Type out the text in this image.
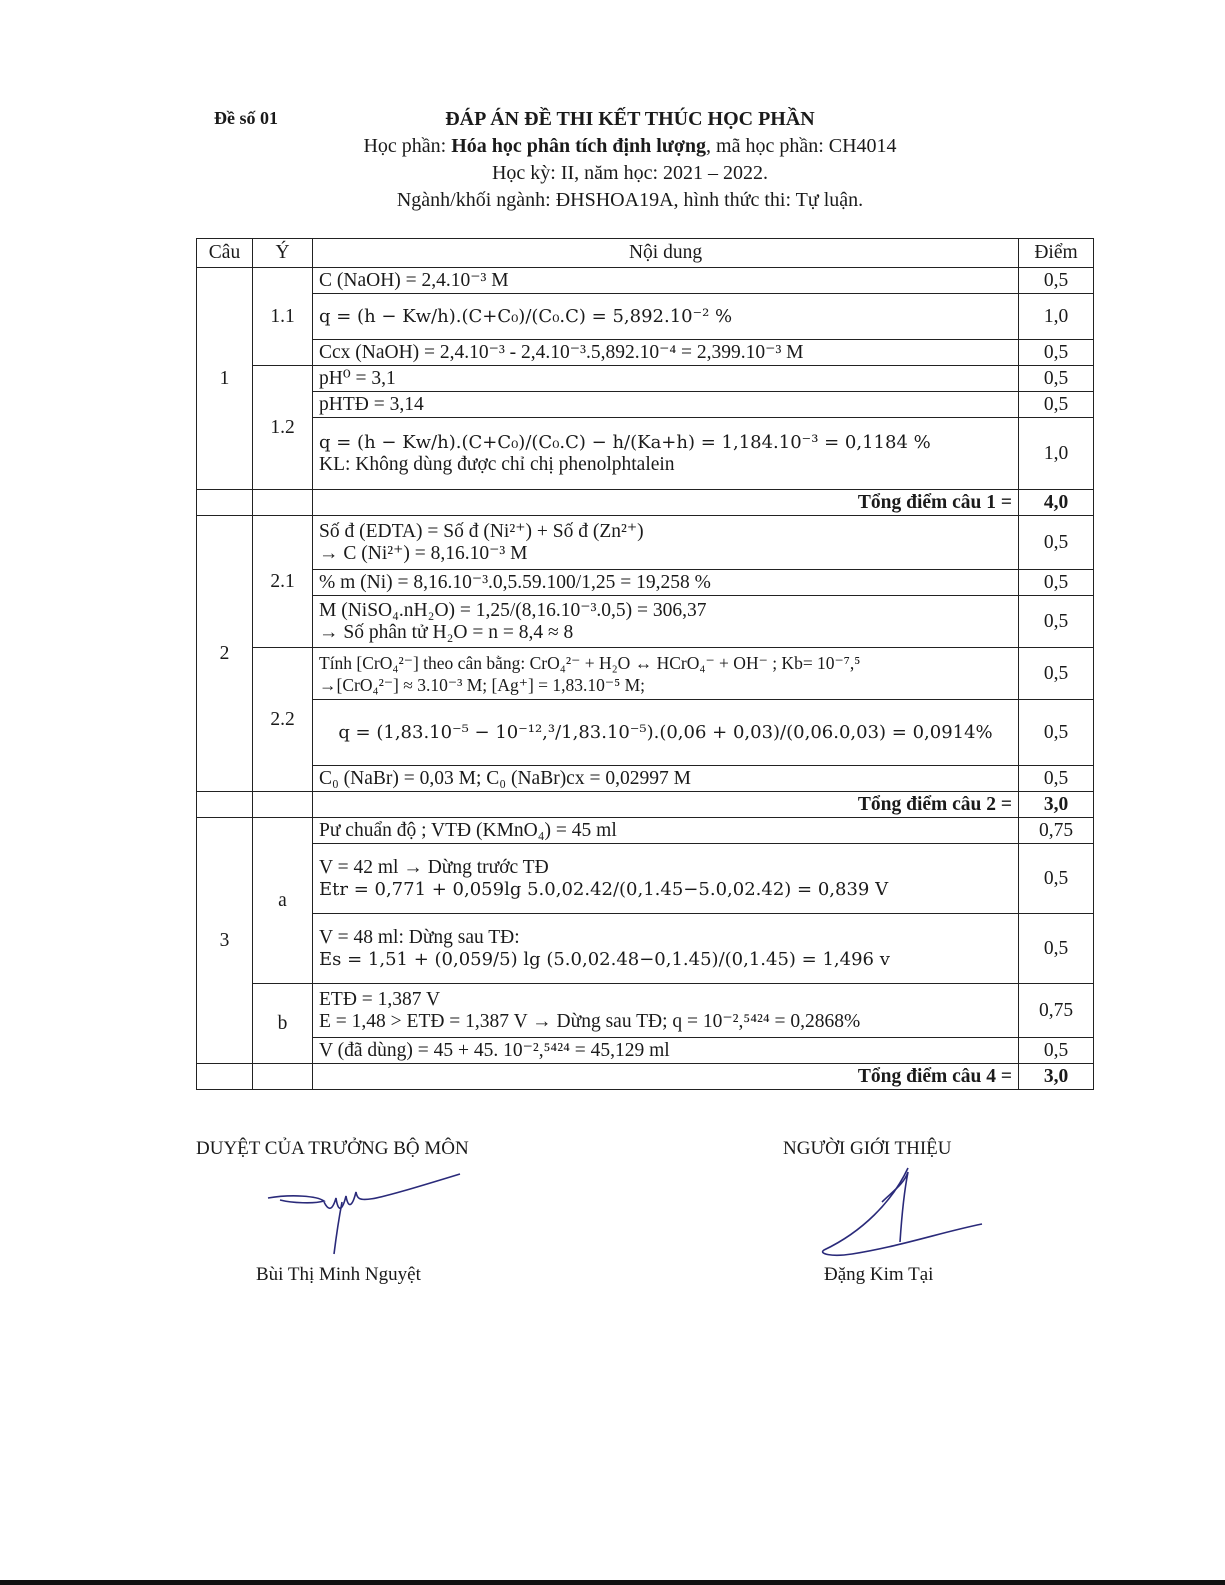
Đề số 01	ĐÁP ÁN ĐỀ THI KẾT THÚC HỌC PHẦN
Học phần: Hóa học phân tích định lượng, mã học phần: CH4014
Học kỳ: II, năm học: 2021 – 2022.
Ngành/khối ngành: ĐHSHOA19A, hình thức thi: Tự luận.
Câu	Ý	Nội dung	Điểm
1	1.1	C (NaOH) = 2,4.10⁻³ M	0,5
		q = (h − Kw/h).(C+C₀)/(C₀.C) = 5,892.10⁻² %	1,0
		Ccx (NaOH) = 2,4.10⁻³ - 2,4.10⁻³.5,892.10⁻⁴ = 2,399.10⁻³ M	0,5
	1.2	pH⁰ = 3,1	0,5
		pHTĐ = 3,14	0,5

		q = (h − Kw/h).(C+C₀)/(C₀.C) − h/(Ka+h) = 1,184.10⁻³ = 0,1184 %
KL: Không dùng được chỉ chị phenolphtalein	1,0
		Tổng điểm câu 1 =	4,0
2	2.1	Số đ (EDTA) = Số đ (Ni²⁺) + Số đ (Zn²⁺)
→ C (Ni²⁺) = 8,16.10⁻³ M	0,5
		% m (Ni) = 8,16.10⁻³.0,5.59.100/1,25 = 19,258 %	0,5

		M (NiSO₄.nH₂O) = 1,25/(8,16.10⁻³.0,5) = 306,37
→ Số phân tử H₂O = n = 8,4 ≈ 8	0,5
	2.2	Tính [CrO₄²⁻] theo cân bằng: CrO₄²⁻ + H₂O ↔ HCrO₄⁻ + OH⁻ ; Kb= 10⁻⁷,⁵
→[CrO₄²⁻] ≈ 3.10⁻³ M; [Ag⁺] = 1,83.10⁻⁵ M;	0,5
		q = (1,83.10⁻⁵ − 10⁻¹²,³/1,83.10⁻⁵).(0,06 + 0,03)/(0,06.0,03) = 0,0914%	0,5
		C₀ (NaBr) = 0,03 M; C₀ (NaBr)cx = 0,02997 M	0,5
		Tổng điểm câu 2 =	3,0
3	a	Pư chuẩn độ ; VTĐ (KMnO₄) = 45 ml	0,75

		V = 42 ml → Dừng trước TĐ
Etr = 0,771 + 0,059lg 5.0,02.42/(0,1.45−5.0,02.42) = 0,839 V	0,5

		V = 48 ml: Dừng sau TĐ:
Es = 1,51 + (0,059/5) lg (5.0,02.48−0,1.45)/(0,1.45) = 1,496 v	0,5
	b	ETĐ = 1,387 V
E = 1,48 > ETĐ = 1,387 V → Dừng sau TĐ; q = 10⁻²,⁵⁴²⁴ = 0,2868%	0,75
		V (đã dùng) = 45 + 45. 10⁻²,⁵⁴²⁴ = 45,129 ml	0,5
		Tổng điểm câu 4 =	3,0
DUYỆT CỦA TRƯỞNG BỘ MÔN	NGƯỜI GIỚI THIỆU
Bùi Thị Minh Nguyệt	Đặng Kim Tại
